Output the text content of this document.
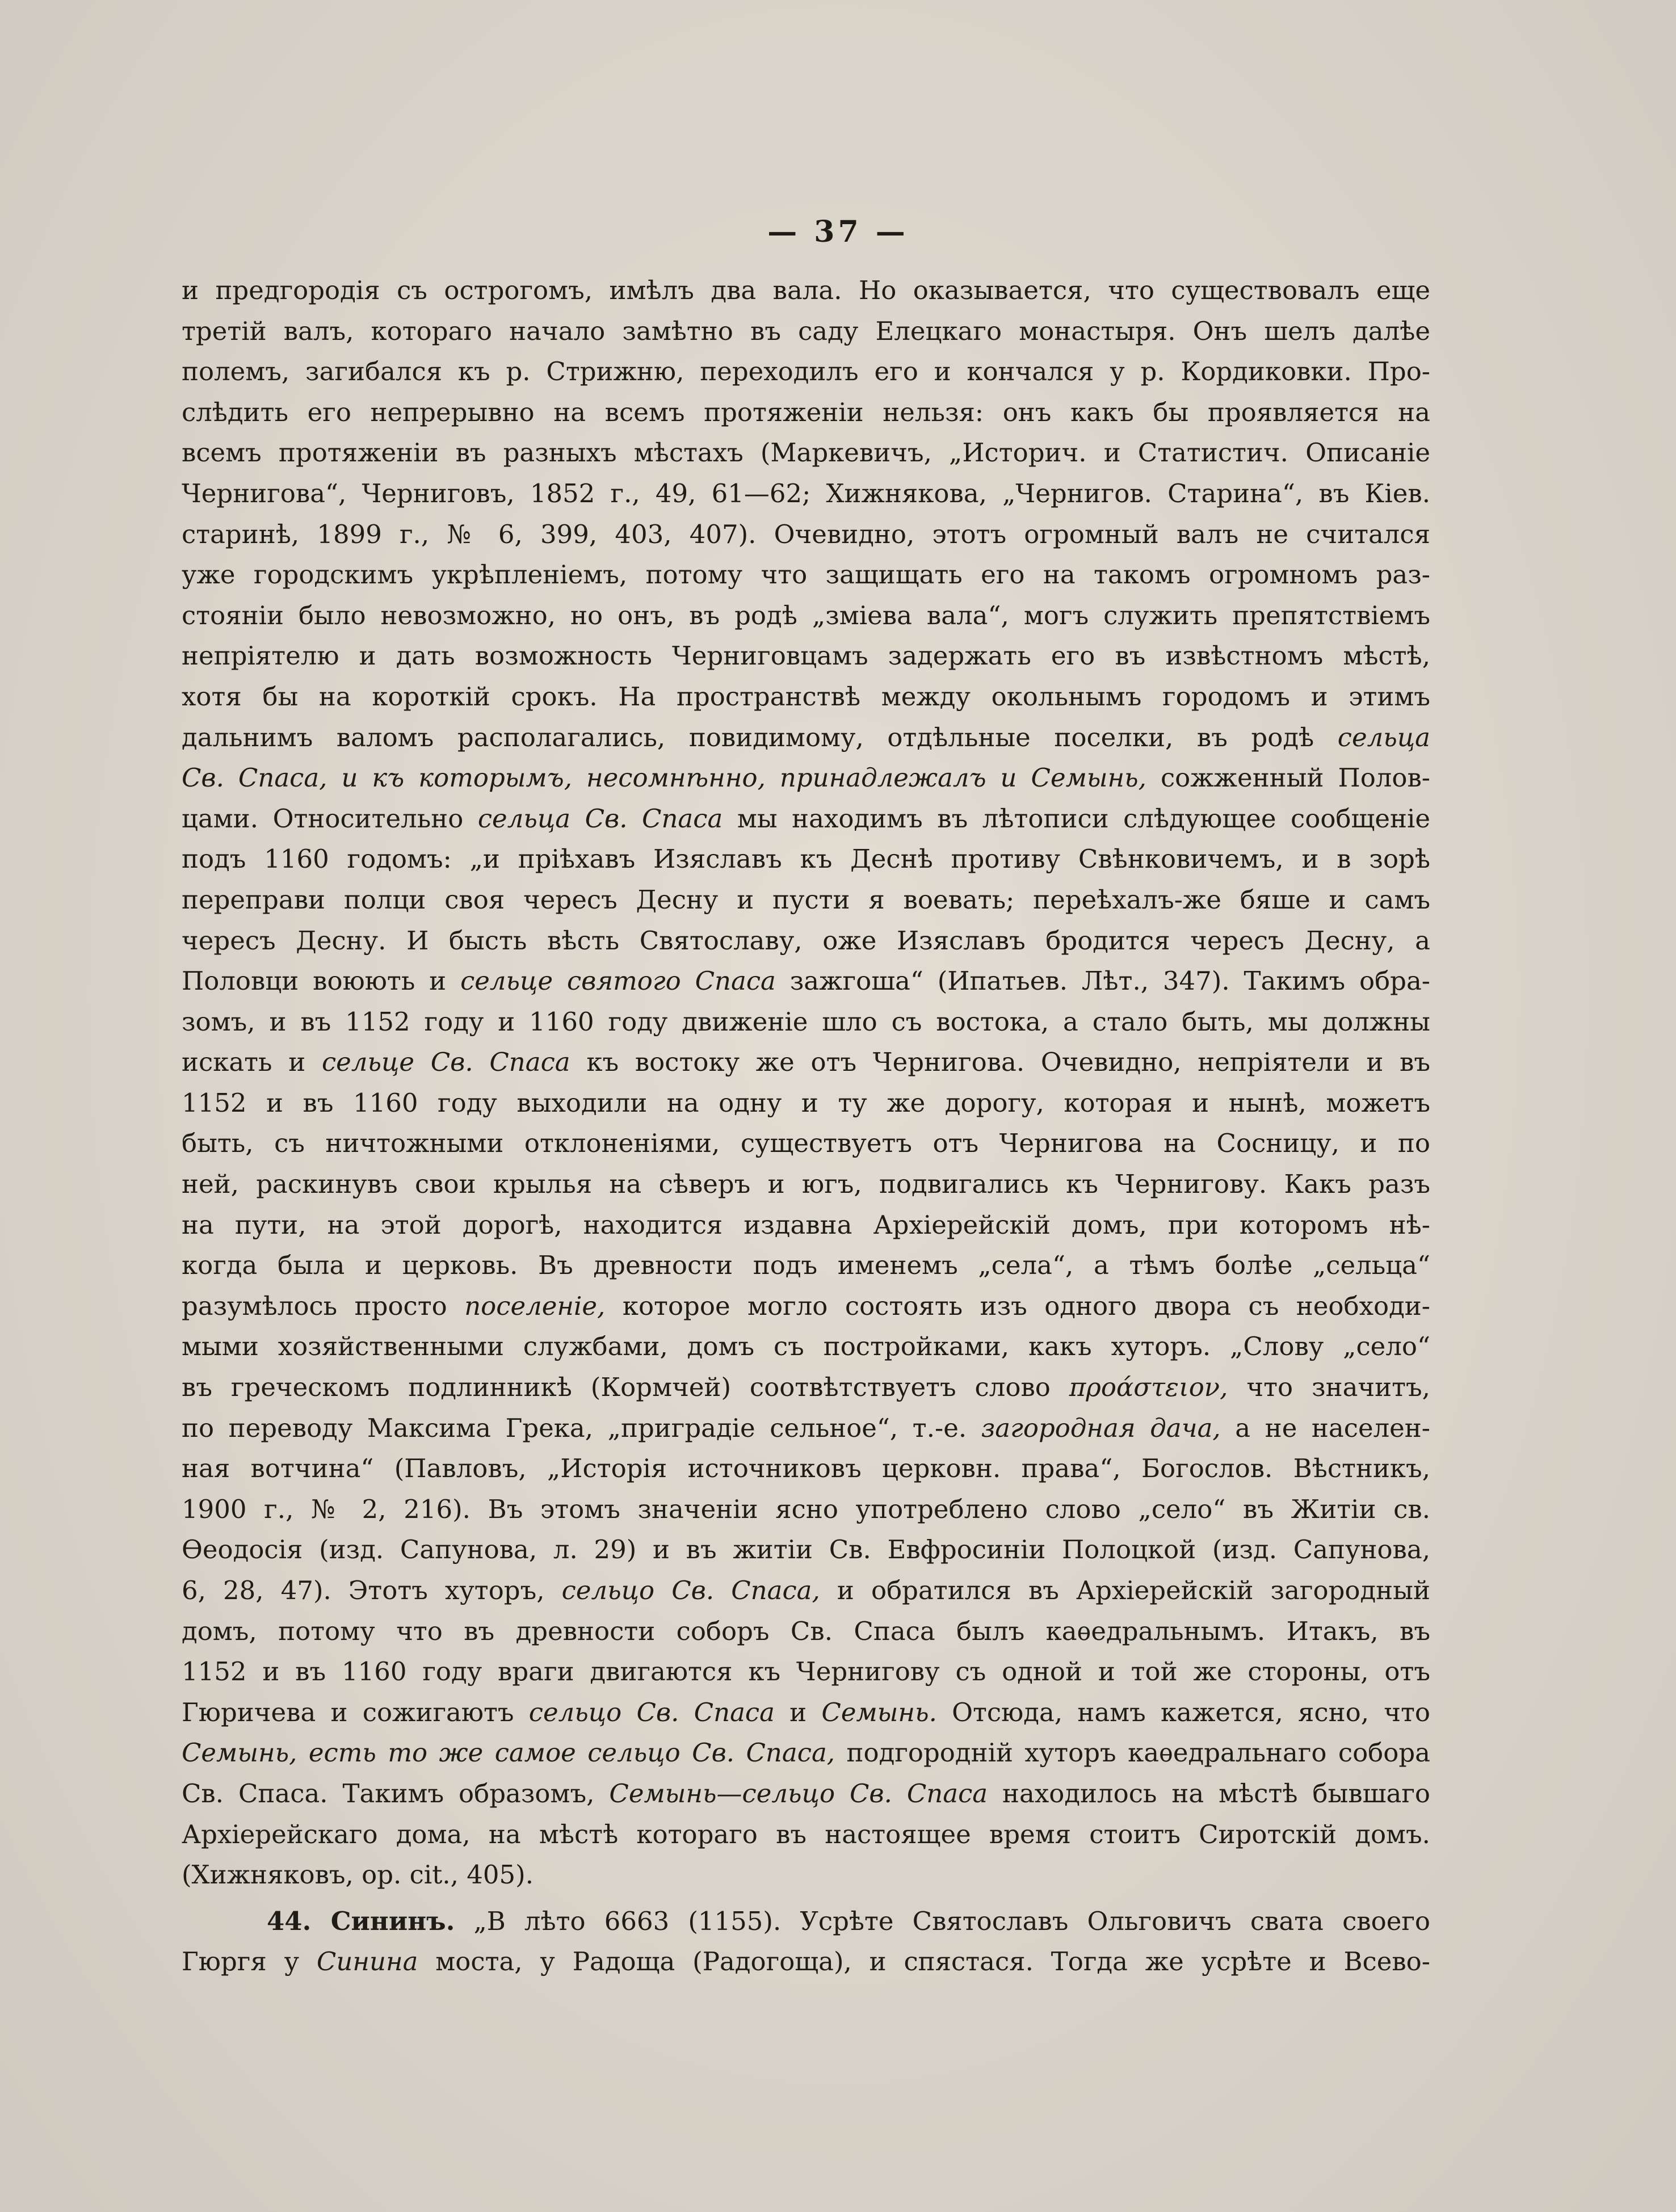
— 37 —
и предгородія съ острогомъ, имѣлъ два вала. Но оказывается, что существовалъ еще
третій валъ, котораго начало замѣтно въ саду Елецкаго монастыря. Онъ шелъ далѣе
полемъ, загибался къ р. Стрижню, переходилъ его и кончался у р. Кордиковки. Про-
слѣдить его непрерывно на всемъ протяженіи нельзя: онъ какъ бы проявляется на
всемъ протяженіи въ разныхъ мѣстахъ (Маркевичъ, „Историч. и Статистич. Описаніе
Чернигова“, Черниговъ, 1852 г., 49, 61—62; Хижнякова, „Чернигов. Старина“, въ Кіев.
старинѣ, 1899 г., № 6, 399, 403, 407). Очевидно, этотъ огромный валъ не считался
уже городскимъ укрѣпленіемъ, потому что защищать его на такомъ огромномъ раз-
стояніи было невозможно, но онъ, въ родѣ „зміева вала“, могъ служить препятствіемъ
непріятелю и дать возможность Черниговцамъ задержать его въ извѣстномъ мѣстѣ,
хотя бы на короткій срокъ. На пространствѣ между окольнымъ городомъ и этимъ
дальнимъ валомъ располагались, повидимому, отдѣльные поселки, въ родѣ сельца
Св. Спаса, и къ которымъ, несомнѣнно, принадлежалъ и Семынь, сожженный Полов-
цами. Относительно сельца Св. Спаса мы находимъ въ лѣтописи слѣдующее сообщеніе
подъ 1160 годомъ: „и пріѣхавъ Изяславъ къ Деснѣ противу Свѣнковичемъ, и в зорѣ
переправи полци своя чересъ Десну и пусти я воевать; переѣхалъ-же бяше и самъ
чересъ Десну. И бысть вѣсть Святославу, оже Изяславъ бродится чересъ Десну, а
Половци воюють и сельце святого Спаса зажгоша“ (Ипатьев. Лѣт., 347). Такимъ обра-
зомъ, и въ 1152 году и 1160 году движеніе шло съ востока, а стало быть, мы должны
искать и сельце Св. Спаса къ востоку же отъ Чернигова. Очевидно, непріятели и въ
1152 и въ 1160 году выходили на одну и ту же дорогу, которая и нынѣ, можетъ
быть, съ ничтожными отклоненіями, существуетъ отъ Чернигова на Сосницу, и по
ней, раскинувъ свои крылья на сѣверъ и югъ, подвигались къ Чернигову. Какъ разъ
на пути, на этой дорогѣ, находится издавна Архіерейскій домъ, при которомъ нѣ-
когда была и церковь. Въ древности подъ именемъ „села“, а тѣмъ болѣе „сельца“
разумѣлось просто поселеніе, которое могло состоять изъ одного двора съ необходи-
мыми хозяйственными службами, домъ съ постройками, какъ хуторъ. „Слову „село“
въ греческомъ подлинникѣ (Кормчей) соотвѣтствуетъ слово προάστειον, что значитъ,
по переводу Максима Грека, „приградіе сельное“, т.-е. загородная дача, а не населен-
ная вотчина“ (Павловъ, „Исторія источниковъ церковн. права“, Богослов. Вѣстникъ,
1900 г., № 2, 216). Въ этомъ значеніи ясно употреблено слово „село“ въ Житіи св.
Ѳеодосія (изд. Сапунова, л. 29) и въ житіи Св. Евфросиніи Полоцкой (изд. Сапунова,
6, 28, 47). Этотъ хуторъ, сельцо Св. Спаса, и обратился въ Архіерейскій загородный
домъ, потому что въ древности соборъ Св. Спаса былъ каѳедральнымъ. Итакъ, въ
1152 и въ 1160 году враги двигаются къ Чернигову съ одной и той же стороны, отъ
Гюричева и сожигаютъ сельцо Св. Спаса и Семынь. Отсюда, намъ кажется, ясно, что
Семынь, есть то же самое сельцо Св. Спаса, подгородній хуторъ каѳедральнаго собора
Св. Спаса. Такимъ образомъ, Семынь—сельцо Св. Спаса находилось на мѣстѣ бывшаго
Архіерейскаго дома, на мѣстѣ котораго въ настоящее время стоитъ Сиротскій домъ.
(Хижняковъ, op. cit., 405).
44. Сининъ. „В лѣто 6663 (1155). Усрѣте Святославъ Ольговичъ свата своего
Гюргя у Синина моста, у Радоща (Радогоща), и спястася. Тогда же усрѣте и Всево-
